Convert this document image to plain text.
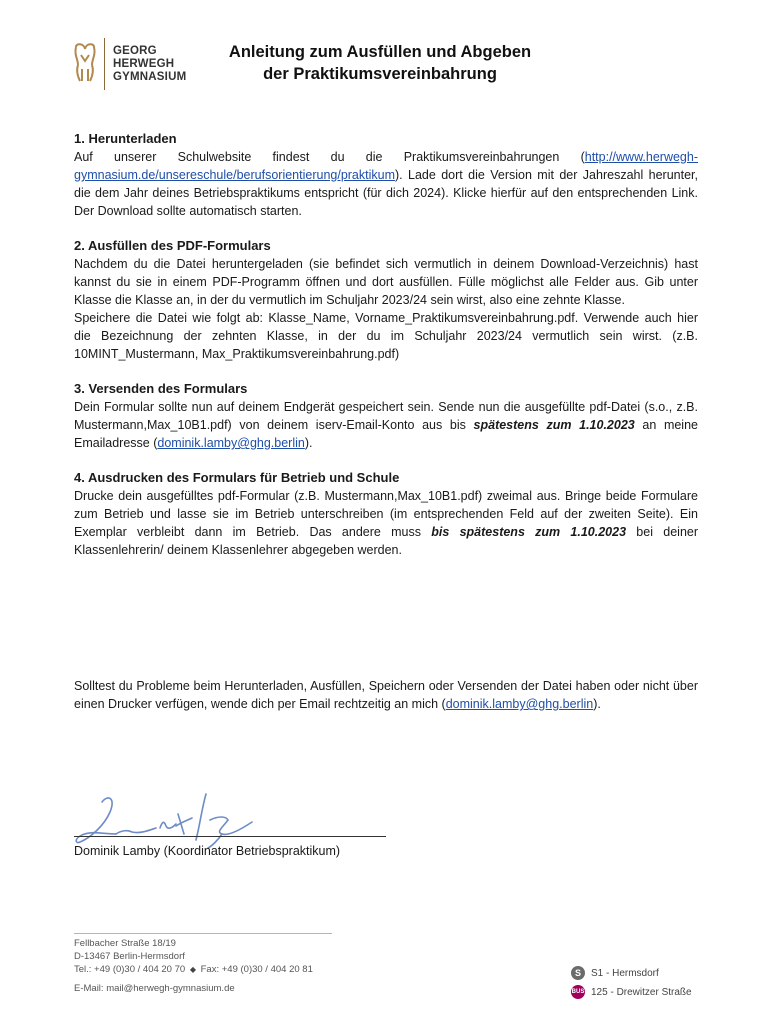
GEORG
HERWEGH
GYMNASIUM
Anleitung zum Ausfüllen und Abgeben
der Praktikumsvereinbahrung
1. Herunterladen

Auf unserer Schulwebsite findest du die Praktikumsvereinbahrungen (http://www.herwegh-gymnasium.de/unsereschule/berufsorientierung/praktikum). Lade dort die Version mit der Jahreszahl herunter, die dem Jahr deines Betriebspraktikums entspricht (für dich 2024). Klicke hierfür auf den entsprechenden Link. Der Download sollte automatisch starten.

2. Ausfüllen des PDF-Formulars

Nachdem du die Datei heruntergeladen (sie befindet sich vermutlich in deinem Download-Verzeichnis) hast kannst du sie in einem PDF-Programm öffnen und dort ausfüllen. Fülle möglichst alle Felder aus. Gib unter Klasse die Klasse an, in der du vermutlich im Schuljahr 2023/24 sein wirst, also eine zehnte Klasse.

Speichere die Datei wie folgt ab: Klasse_Name, Vorname_Praktikumsvereinbahrung.pdf. Verwende auch hier die Bezeichnung der zehnten Klasse, in der du im Schuljahr 2023/24 vermutlich sein wirst. (z.B. 10MINT_Mustermann, Max_Praktikumsvereinbahrung.pdf)

3. Versenden des Formulars

Dein Formular sollte nun auf deinem Endgerät gespeichert sein. Sende nun die ausgefüllte pdf-Datei (s.o., z.B. Mustermann,Max_10B1.pdf) von deinem iserv-Email-Konto aus bis spätestens zum 1.10.2023 an meine Emailadresse (dominik.lamby@ghg.berlin).

4. Ausdrucken des Formulars für Betrieb und Schule

Drucke dein ausgefülltes pdf-Formular (z.B. Mustermann,Max_10B1.pdf) zweimal aus. Bringe beide Formulare zum Betrieb und lasse sie im Betrieb unterschreiben (im entsprechenden Feld auf der zweiten Seite). Ein Exemplar verbleibt dann im Betrieb. Das andere muss bis spätestens zum 1.10.2023 bei deiner Klassenlehrerin/ deinem Klassenlehrer abgegeben werden.

Solltest du Probleme beim Herunterladen, Ausfüllen, Speichern oder Versenden der Datei haben oder nicht über einen Drucker verfügen, wende dich per Email rechtzeitig an mich (dominik.lamby@ghg.berlin).

Dominik Lamby (Koordinator Betriebspraktikum)
Fellbacher Straße 18/19
D-13467 Berlin-Hermsdorf
Tel.: +49 (0)30 / 404 20 70 ◆ Fax: +49 (0)30 / 404 20 81
E-Mail: mail@herwegh-gymnasium.de
S	S1 - Hermsdorf
BUS 125 - Drewitzer Straße
